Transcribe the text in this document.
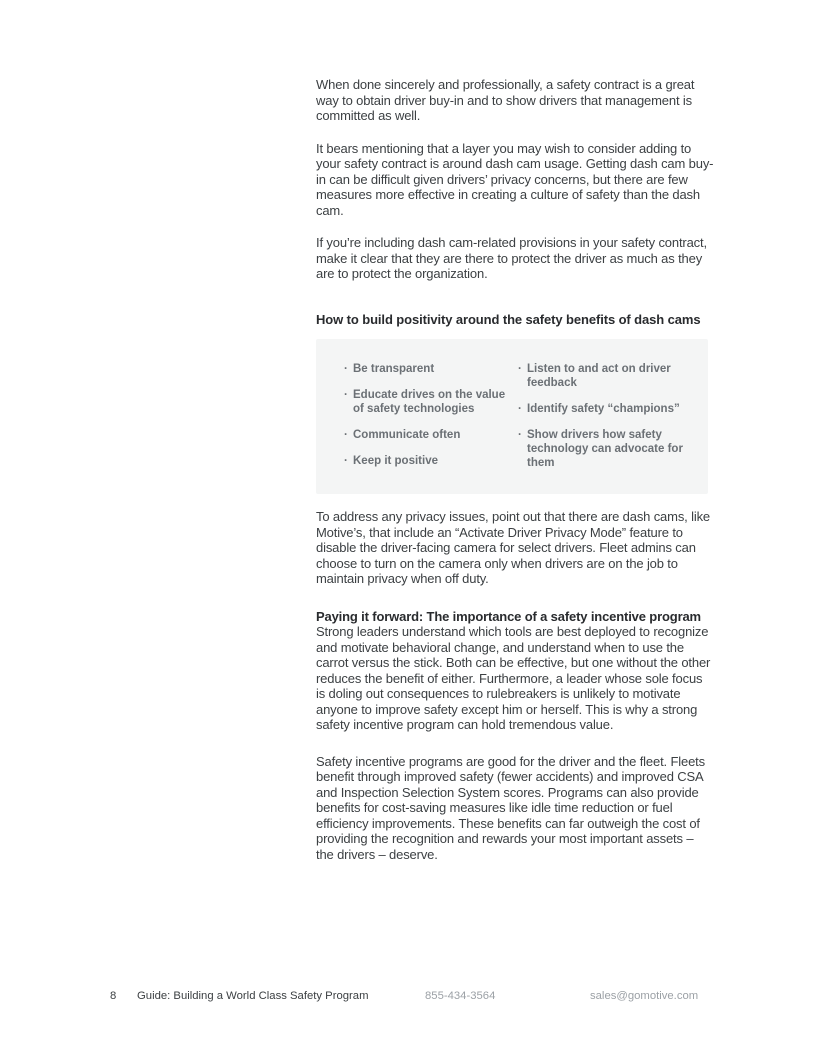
When done sincerely and professionally, a safety contract is a great way to obtain driver buy-in and to show drivers that management is committed as well.

It bears mentioning that a layer you may wish to consider adding to your safety contract is around dash cam usage. Getting dash cam buy-in can be difficult given drivers’ privacy concerns, but there are few measures more effective in creating a culture of safety than the dash cam.

If you’re including dash cam-related provisions in your safety contract, make it clear that they are there to protect the driver as much as they are to protect the organization.

How to build positivity around the safety benefits of dash cams
· Be transparent
· Educate drives on the value of safety technologies
· Communicate often
· Keep it positive
· Listen to and act on driver feedback
· Identify safety “champions”
· Show drivers how safety technology can advocate for them

To address any privacy issues, point out that there are dash cams, like Motive’s, that include an “Activate Driver Privacy Mode” feature to disable the driver-facing camera for select drivers. Fleet admins can choose to turn on the camera only when drivers are on the job to maintain privacy when off duty.

Paying it forward: The importance of a safety incentive program
Strong leaders understand which tools are best deployed to recognize and motivate behavioral change, and understand when to use the carrot versus the stick. Both can be effective, but one without the other reduces the benefit of either. Furthermore, a leader whose sole focus is doling out consequences to rulebreakers is unlikely to motivate anyone to improve safety except him or herself. This is why a strong safety incentive program can hold tremendous value.

Safety incentive programs are good for the driver and the fleet. Fleets benefit through improved safety (fewer accidents) and improved CSA and Inspection Selection System scores. Programs can also provide benefits for cost-saving measures like idle time reduction or fuel efficiency improvements. These benefits can far outweigh the cost of providing the recognition and rewards your most important assets – the drivers – deserve.

8 Guide: Building a World Class Safety Program	855-434-3564	sales@gomotive.com
